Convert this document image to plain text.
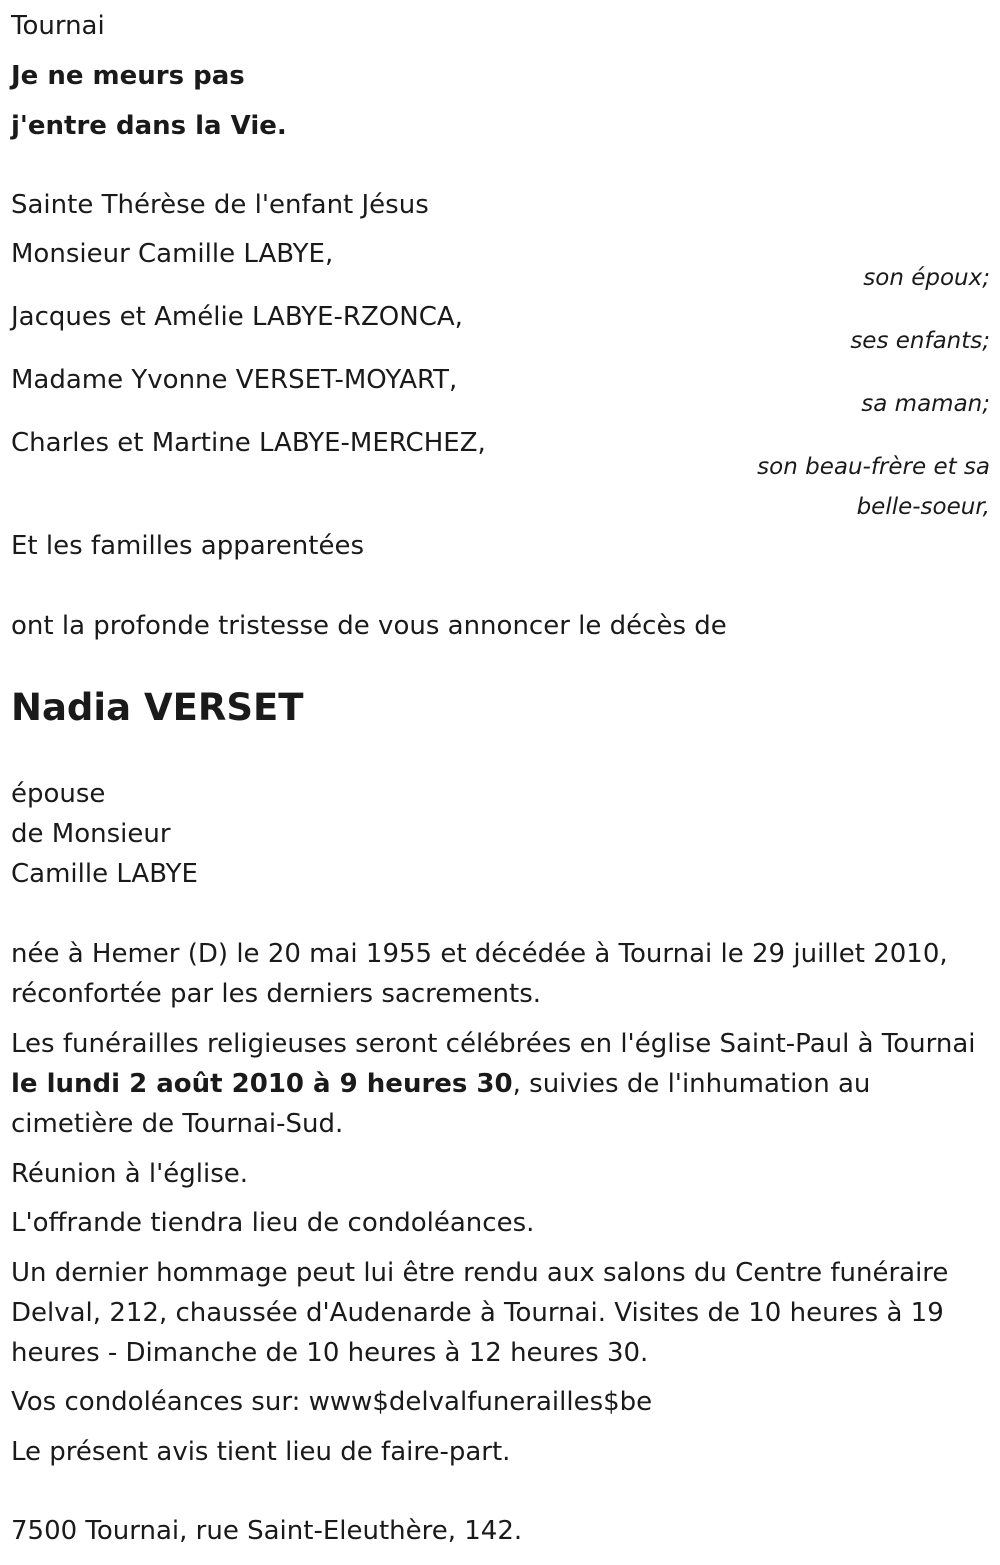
Tournai
Je ne meurs pas
j'entre dans la Vie.
Sainte Thérèse de l'enfant Jésus
Monsieur Camille LABYE,
son époux;
Jacques et Amélie LABYE-RZONCA,
ses enfants;
Madame Yvonne VERSET-MOYART,
sa maman;
Charles et Martine LABYE-MERCHEZ,
son beau-frère et sa
belle-soeur,
Et les familles apparentées
ont la profonde tristesse de vous annoncer le décès de
Nadia VERSET
épouse
de Monsieur
Camille LABYE
née à Hemer (D) le 20 mai 1955 et décédée à Tournai le 29 juillet 2010, réconfortée par les derniers sacrements.
Les funérailles religieuses seront célébrées en l'église Saint-Paul à Tournai le lundi 2 août 2010 à 9 heures 30, suivies de l'inhumation au cimetière de Tournai-Sud.
Réunion à l'église.
L'offrande tiendra lieu de condoléances.
Un dernier hommage peut lui être rendu aux salons du Centre funéraire Delval, 212, chaussée d'Audenarde à Tournai. Visites de 10 heures à 19 heures - Dimanche de 10 heures à 12 heures 30.
Vos condoléances sur: www$delvalfunerailles$be
Le présent avis tient lieu de faire-part.
7500 Tournai, rue Saint-Eleuthère, 142.
